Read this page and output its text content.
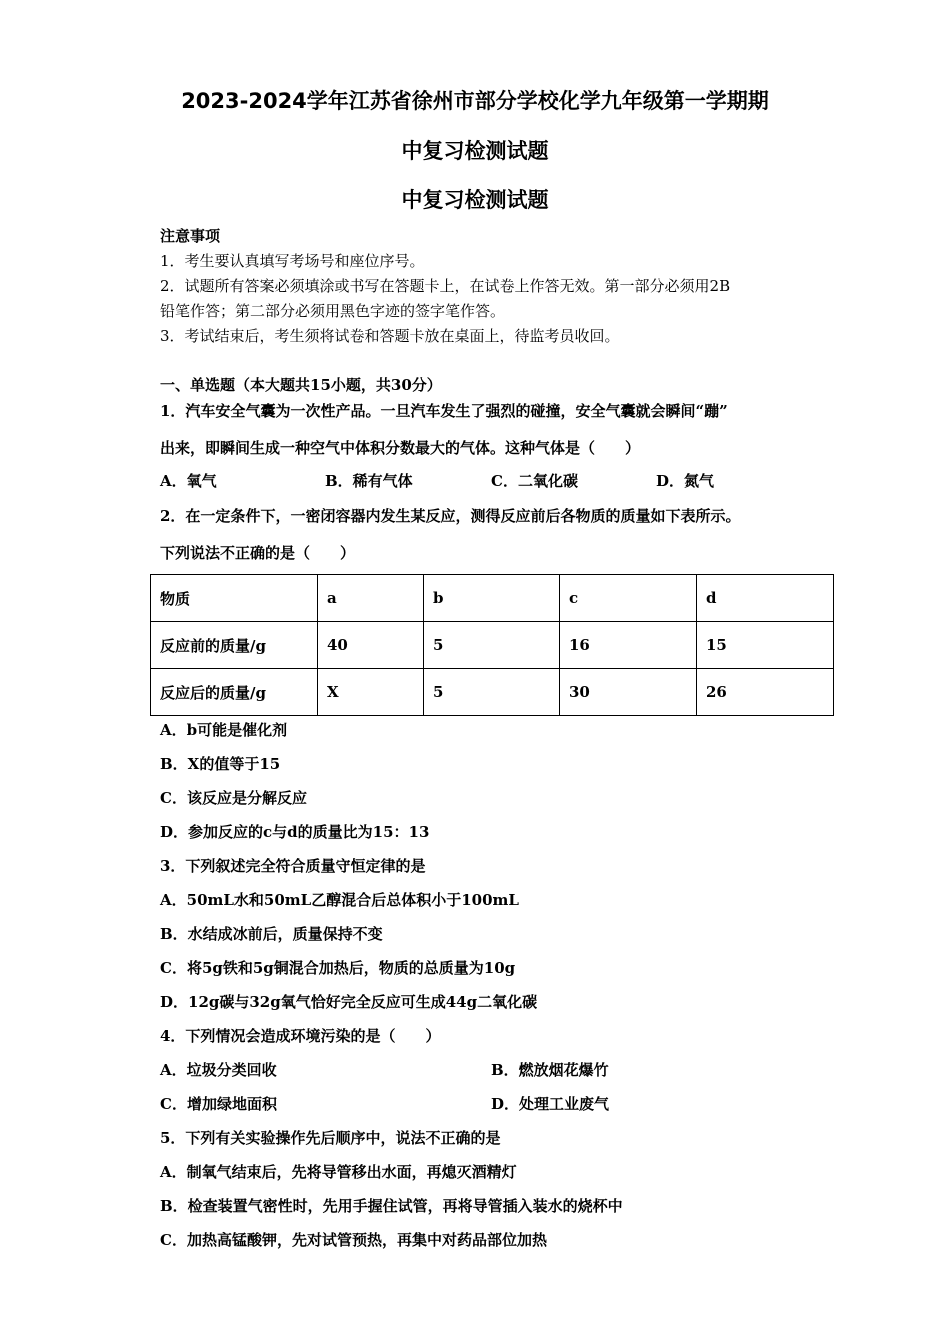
2023-2024学年江苏省徐州市部分学校化学九年级第一学期期
中复习检测试题
中复习检测试题
注意事项
1．考生要认真填写考场号和座位序号。
2．试题所有答案必须填涂或书写在答题卡上，在试卷上作答无效。第一部分必须用2B
铅笔作答；第二部分必须用黑色字迹的签字笔作答。
3．考试结束后，考生须将试卷和答题卡放在桌面上，待监考员收回。
一、单选题（本大题共15小题，共30分）
1．汽车安全气囊为一次性产品。一旦汽车发生了强烈的碰撞，安全气囊就会瞬间“蹦”
出来，即瞬间生成一种空气中体积分数最大的气体。这种气体是（　　）
A．氧气	B．稀有气体	C．二氧化碳	D．氮气
2．在一定条件下，一密闭容器内发生某反应，测得反应前后各物质的质量如下表所示。
下列说法不正确的是（　　）
物质	a	b	c	d
反应前的质量/g	40	5	16	15
反应后的质量/g	X	5	30	26
A．b可能是催化剂
B．X的值等于15
C．该反应是分解反应
D．参加反应的c与d的质量比为15：13
3．下列叙述完全符合质量守恒定律的是
A．50mL水和50mL乙醇混合后总体积小于100mL
B．水结成冰前后，质量保持不变
C．将5g铁和5g铜混合加热后，物质的总质量为10g
D．12g碳与32g氧气恰好完全反应可生成44g二氧化碳
4．下列情况会造成环境污染的是（　　）
A．垃圾分类回收	B．燃放烟花爆竹
C．增加绿地面积	D．处理工业废气
5．下列有关实验操作先后顺序中，说法不正确的是
A．制氧气结束后，先将导管移出水面，再熄灭酒精灯
B．检查装置气密性时，先用手握住试管，再将导管插入装水的烧杯中
C．加热高锰酸钾，先对试管预热，再集中对药品部位加热
